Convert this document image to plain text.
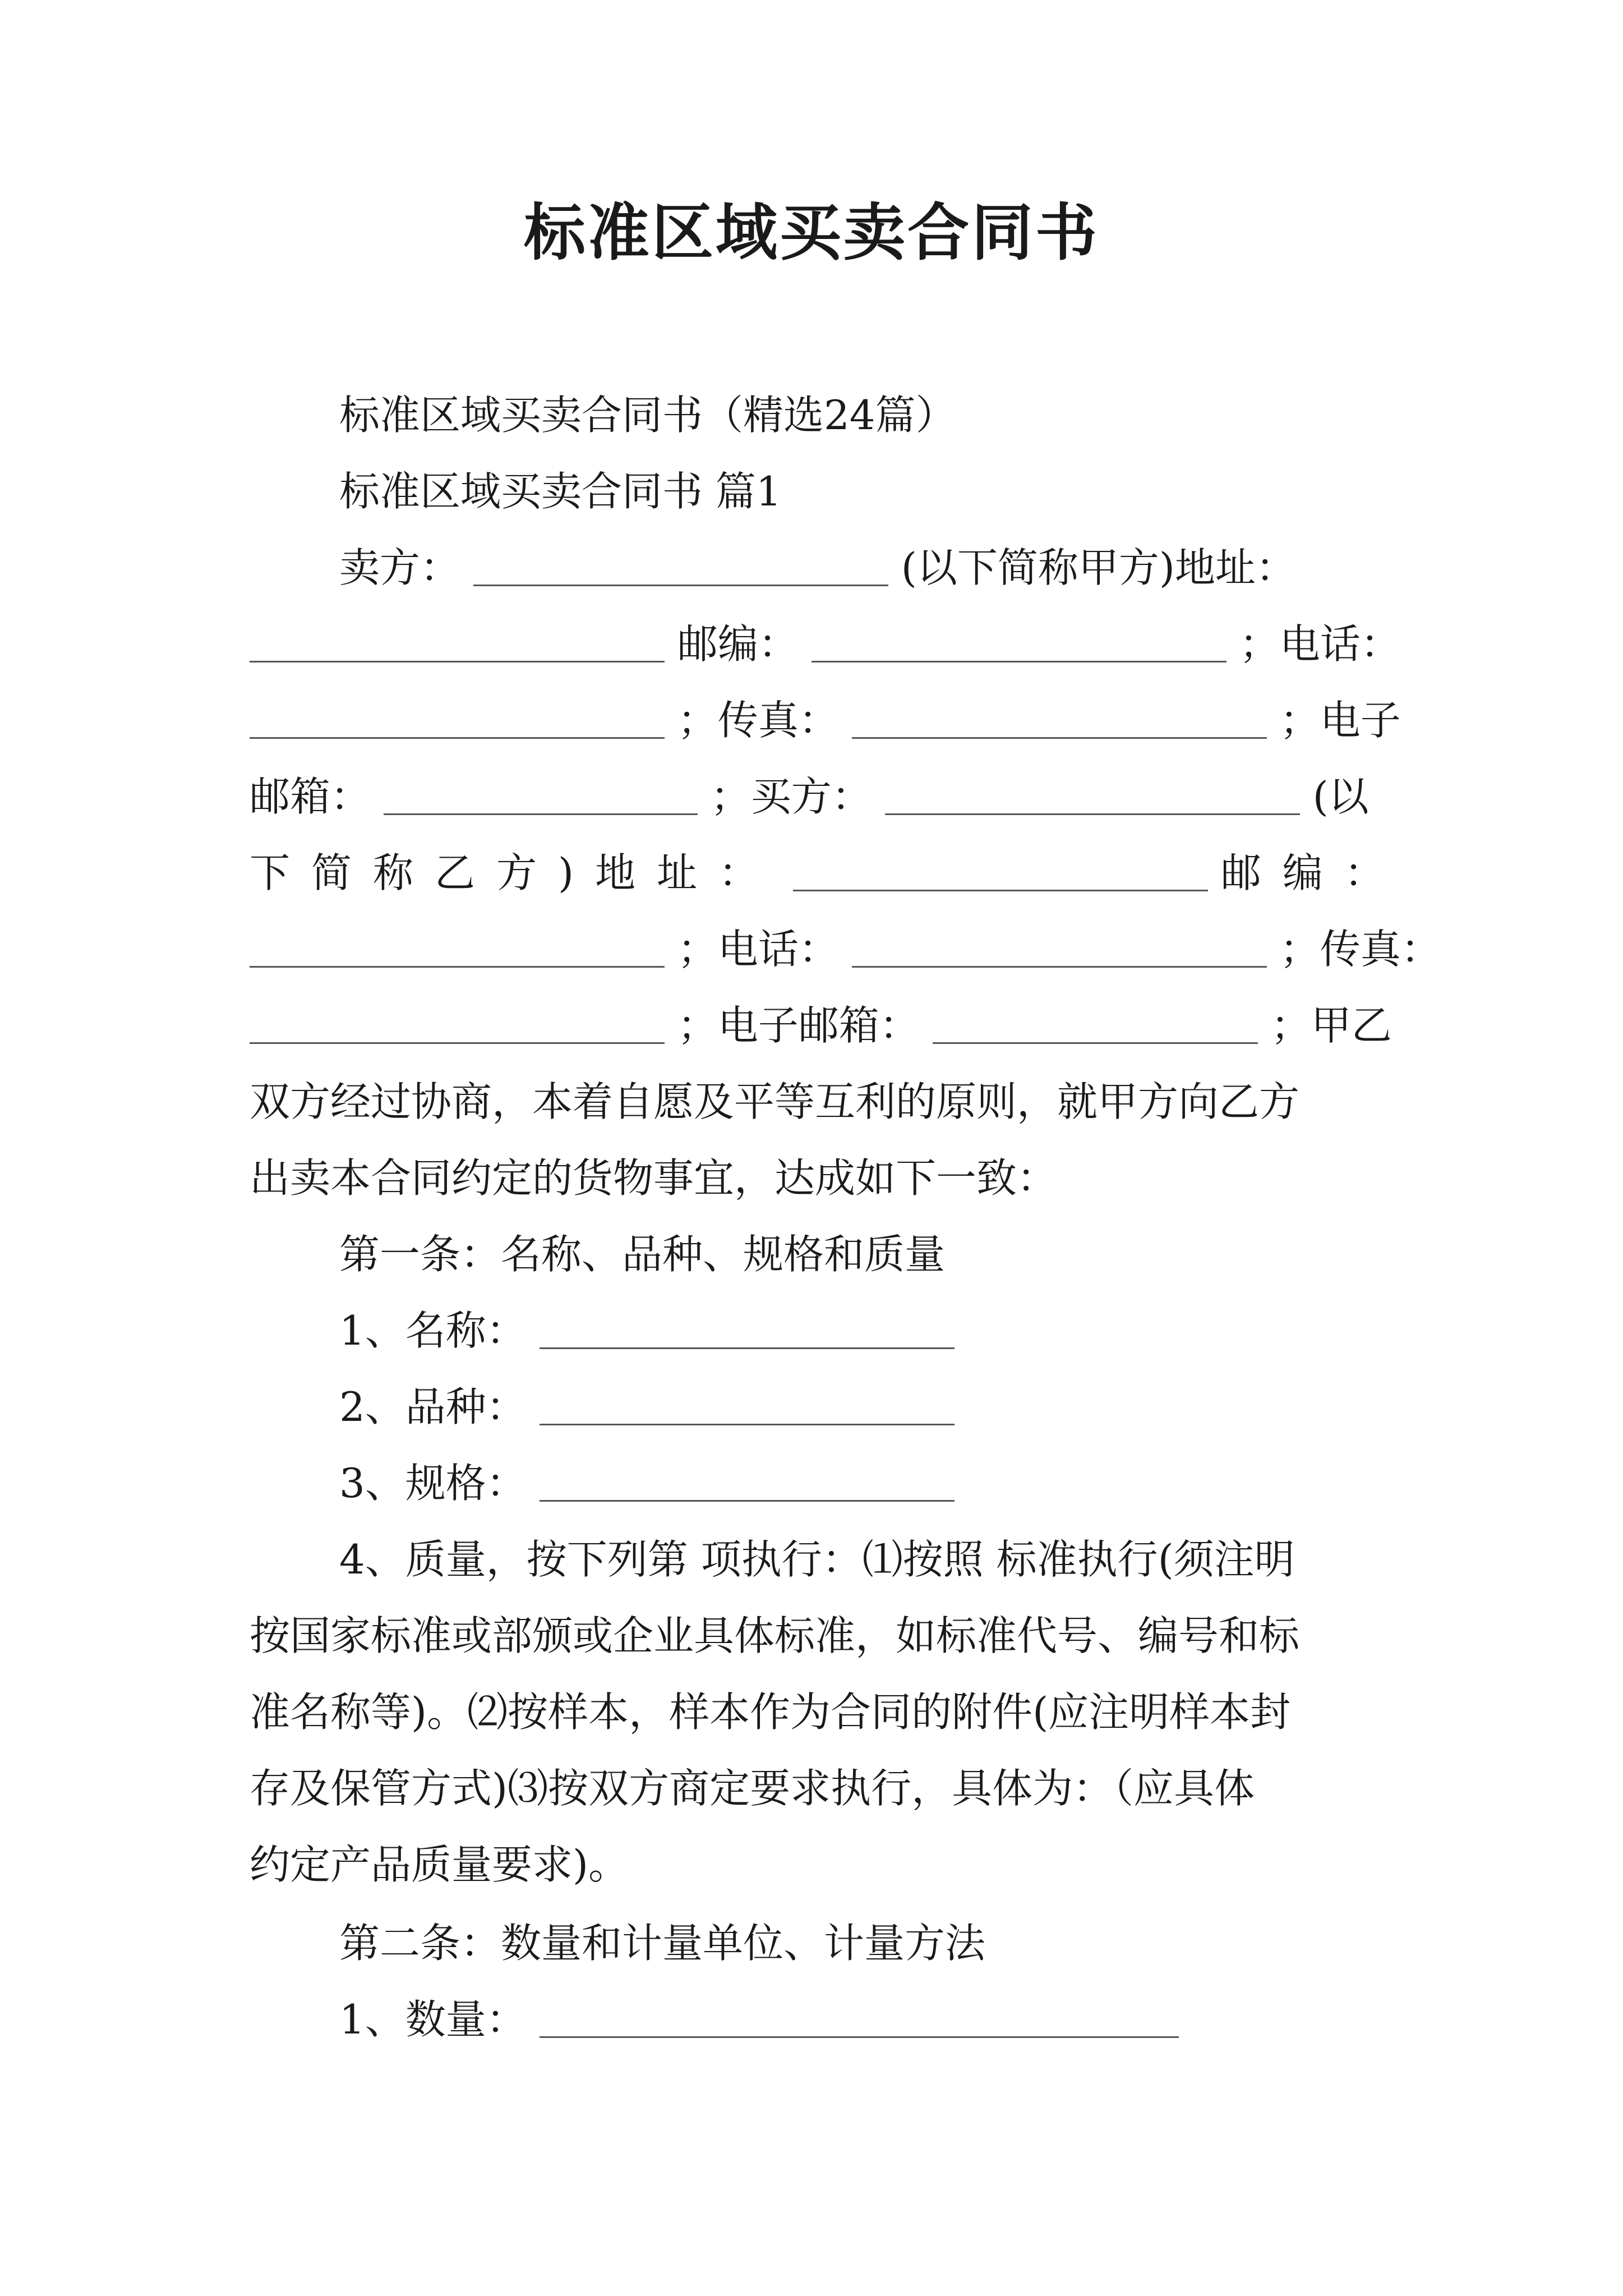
标准区域买卖合同书
标准区域买卖合同书（精选24篇）
标准区域买卖合同书 篇1
卖方：	(以下简称甲方)地址：
邮编：	；电话：
；传真：	；电子
邮箱：	；买方：	(以
下简称乙方)地址：	邮编：
；电话：	；传真：
；电子邮箱：	；甲乙
双方经过协商，本着自愿及平等互利的原则，就甲方向乙方
出卖本合同约定的货物事宜，达成如下一致：
第一条：名称、品种、规格和质量
1、名称：
2、品种：
3、规格：
4、质量，按下列第 项执行：⑴按照 标准执行(须注明
按国家标准或部颁或企业具体标准，如标准代号、编号和标
准名称等)。⑵按样本，样本作为合同的附件(应注明样本封
存及保管方式)⑶按双方商定要求执行，具体为：（应具体
约定产品质量要求)。
第二条：数量和计量单位、计量方法
1、数量：
